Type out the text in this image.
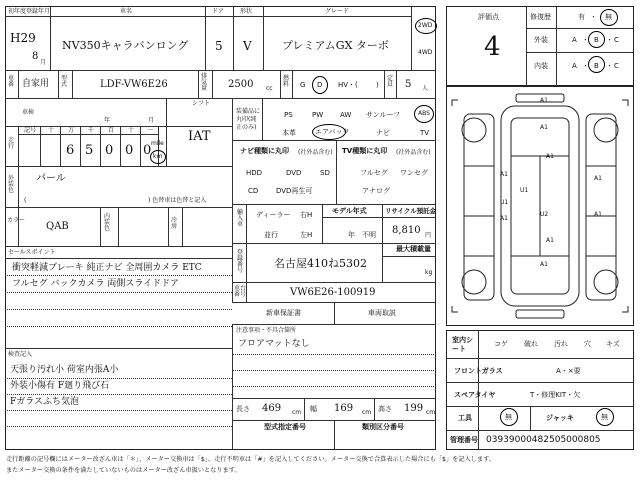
初年度登録年月	車名	ドア	形状	グレード
H29
8
月
NV350キャラバンロング 5 V	プレミアムGX ターボ
2WD
4WD
車番 自家用
型式	LDF-VW6E26
排気量 2500 cc
燃料 G D HV・(	)
定員 5 人
車検
年	月
シフト
走行
記号 十 万 千 百 十 一
6 5 0 0 0 km
mile IAT
外装色
パール
(	) 色替車は色替と記入
カラー
QAB
内装色
冷房
装備品に丸印(純正のみ)
PS	PW AW サンルーフ	ABS
本革	エアバック	ナビ	TV
ナビ種類に丸印 (社外品含む)
HDD	DVD	SD
CD	DVD再生可
TV種類に丸印 (社外品含む)
フルセグ ワンセグ
アナログ
輸入車
ディーラー
並行
右H
左H
モデル年式
年 不明
リサイクル預託金
8,810 円
最大積載量
kg
登録番号
名古屋410ね5302
車台番号	VW6E26-100919
新車保証書	車両取説
セールスポイント
衝突軽減ブレーキ 純正ナビ 全周囲カメラ ETC
フルセグ バックカメラ 両側スライドドア
検査記入
天張り汚れ小 荷室内張A小
外装小傷有 F廻り飛び石
Fガラスふち気泡
注意事項・不具合箇所
フロアマットなし
長さ 469 cm 幅 169 cm 高さ 199 cm
型式指定番号	類別区分番号
評価点
4
修復歴	有 ・ 無
外装	A ・ B ・ C
内装	A ・ B ・ C
A1
A1
A1
U1
A1
A1
A1
A1
U1
U2
A1
A1
室内シート
コゲ 破れ 汚れ 穴 キズ
フロントガラス	A・×要
スペアタイヤ	T・修理KIT・欠
工具	無	ジャッキ	無
管理番号 03939000482505000805
走行距離の記号欄にはメーター改ざん車は「＊」、メーター交換車は「$」、走行不明車は「#」を記入してください。メーター交換で合算表示した場合にも「$」を記入します。
またメーター交換の条件を満たしていないものはメーター改ざん車扱いとなります。
